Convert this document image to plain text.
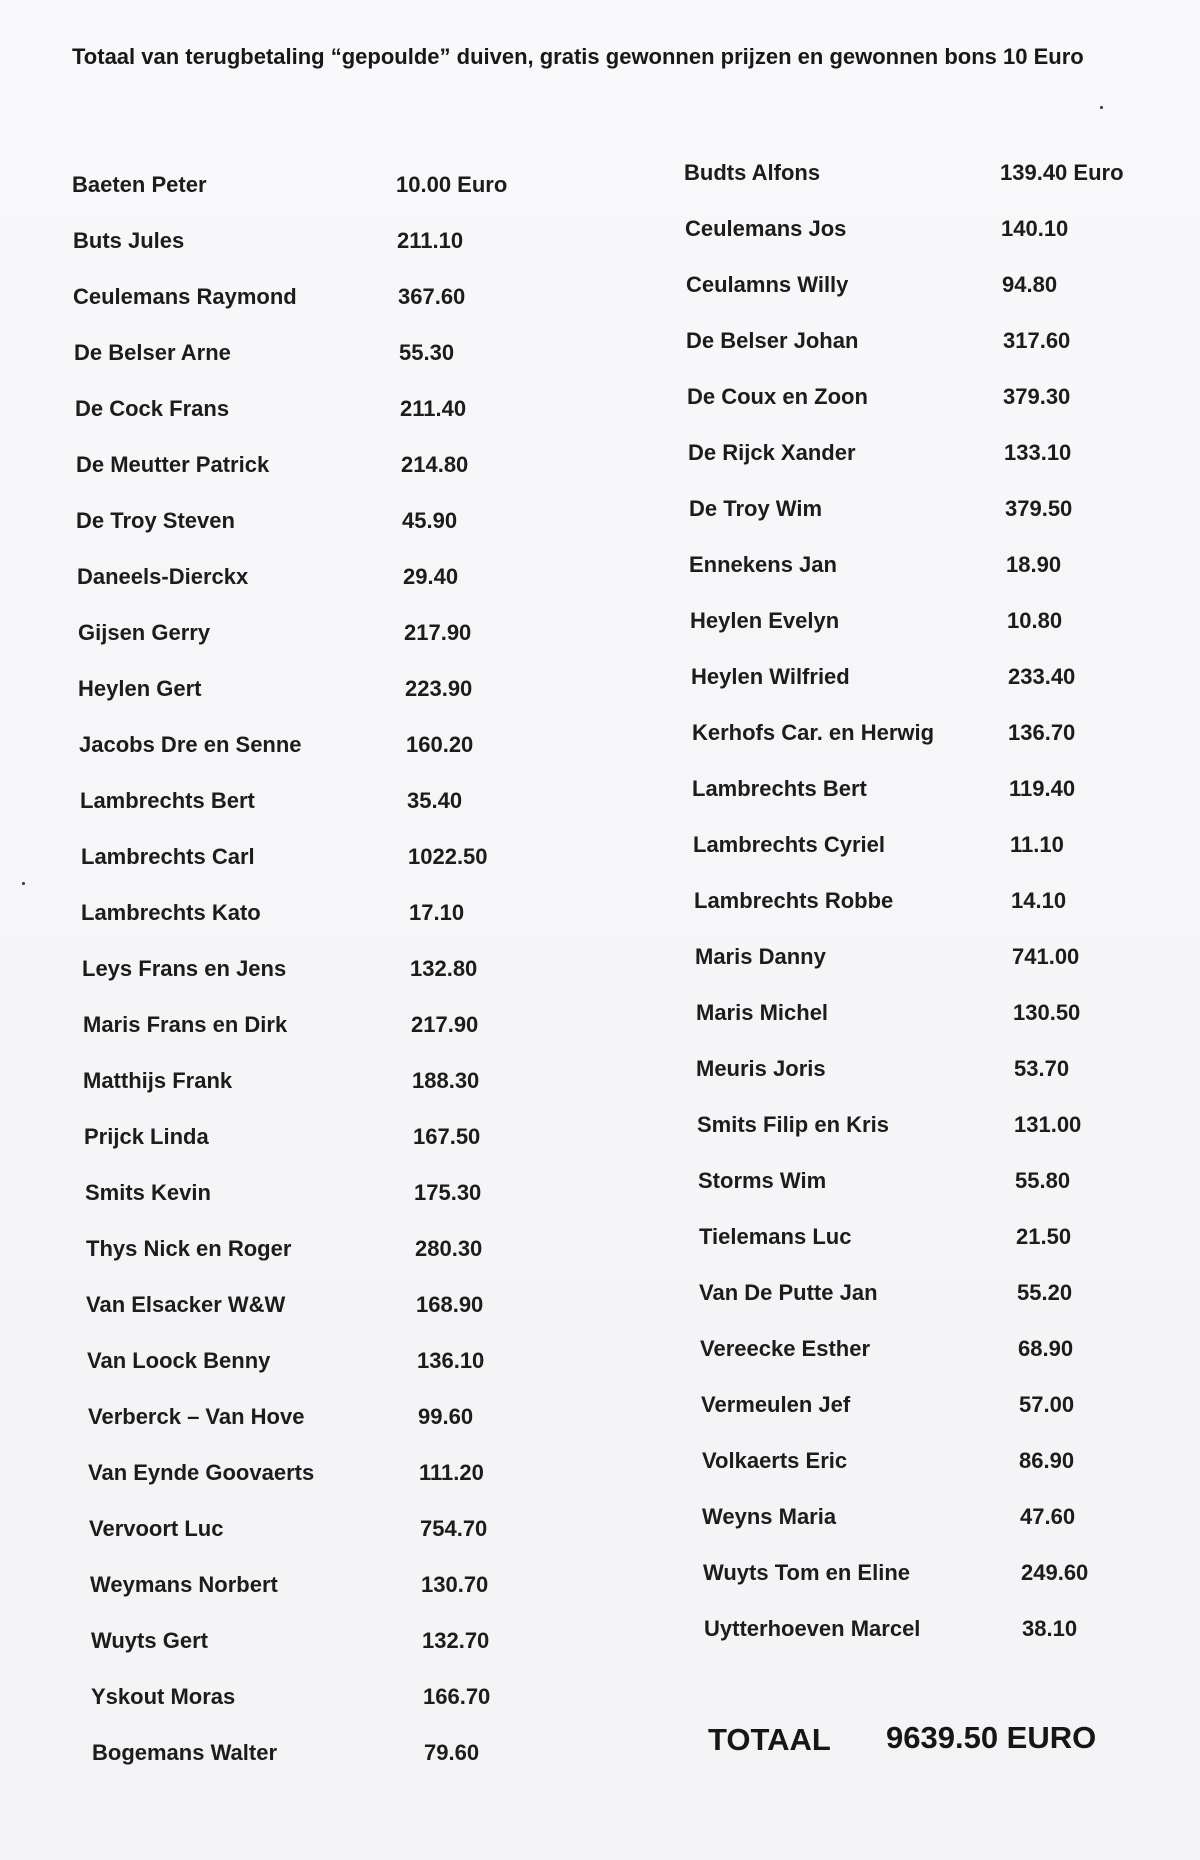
Totaal van terugbetaling “gepoulde” duiven, gratis gewonnen prijzen en gewonnen bons 10 Euro
Baeten Peter	10.00 Euro
Buts Jules	211.10
Ceulemans Raymond	367.60
De Belser Arne	55.30
De Cock Frans	211.40
De Meutter Patrick	214.80
De Troy Steven	45.90
Daneels-Dierckx	29.40
Gijsen Gerry	217.90
Heylen Gert	223.90
Jacobs Dre en Senne	160.20
Lambrechts Bert	35.40
Lambrechts Carl	1022.50
Lambrechts Kato	17.10
Leys Frans en Jens	132.80
Maris Frans en Dirk	217.90
Matthijs Frank	188.30
Prijck Linda	167.50
Smits Kevin	175.30
Thys Nick en Roger	280.30
Van Elsacker W&W	168.90
Van Loock Benny	136.10
Verberck – Van Hove	99.60
Van Eynde Goovaerts	111.20
Vervoort Luc	754.70
Weymans Norbert	130.70
Wuyts Gert	132.70
Yskout Moras	166.70
Bogemans Walter	79.60
Budts Alfons	139.40 Euro
Ceulemans Jos	140.10
Ceulamns Willy	94.80
De Belser Johan	317.60
De Coux en Zoon	379.30
De Rijck Xander	133.10
De Troy Wim	379.50
Ennekens Jan	18.90
Heylen Evelyn	10.80
Heylen Wilfried	233.40
Kerhofs Car. en Herwig	136.70
Lambrechts Bert	119.40
Lambrechts Cyriel	11.10
Lambrechts Robbe	14.10
Maris Danny	741.00
Maris Michel	130.50
Meuris Joris	53.70
Smits Filip en Kris	131.00
Storms Wim	55.80
Tielemans Luc	21.50
Van De Putte Jan	55.20
Vereecke Esther	68.90
Vermeulen Jef	57.00
Volkaerts Eric	86.90
Weyns Maria	47.60
Wuyts Tom en Eline	249.60
Uytterhoeven Marcel	38.10
TOTAAL 9639.50 EURO
